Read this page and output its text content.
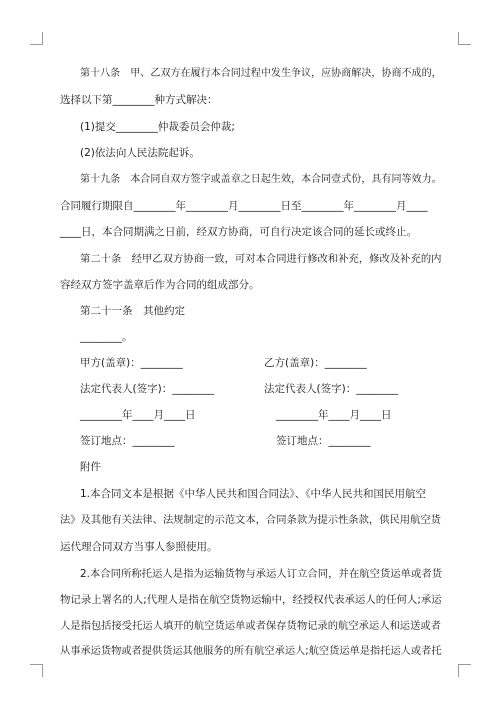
第十八条　甲、乙双方在履行本合同过程中发生争议，应协商解决，协商不成的，
选择以下第________种方式解决：
(1)提交________仲裁委员会仲裁;
(2)依法向人民法院起诉。
第十九条　本合同自双方签字或盖章之日起生效，本合同壹式份，具有同等效力。
合同履行期限自________年________月________日至________年________月____
____日，本合同期满之日前，经双方协商，可自行决定该合同的延长或终止。
第二十条　经甲乙双方协商一致，可对本合同进行修改和补充，修改及补充的内
容经双方签字盖章后作为合同的组成部分。
第二十一条　其他约定
________。
甲方(盖章)：________	乙方(盖章)：________
法定代表人(签字)：________	法定代表人(签字)：________
________年____月____日	________年____月____日
签订地点：________	签订地点：________
附件
1.本合同文本是根据《中华人民共和国合同法》、《中华人民共和国民用航空
法》及其他有关法律、法规制定的示范文本，合同条款为提示性条款，供民用航空货
运代理合同双方当事人参照使用。
2.本合同所称托运人是指为运输货物与承运人订立合同，并在航空货运单或者货
物记录上署名的人;代理人是指在航空货物运输中，经授权代表承运人的任何人;承运
人是指包括接受托运人填开的航空货运单或者保存货物记录的航空承运人和运送或者
从事承运货物或者提供货运其他服务的所有航空承运人;航空货运单是指托运人或者托
